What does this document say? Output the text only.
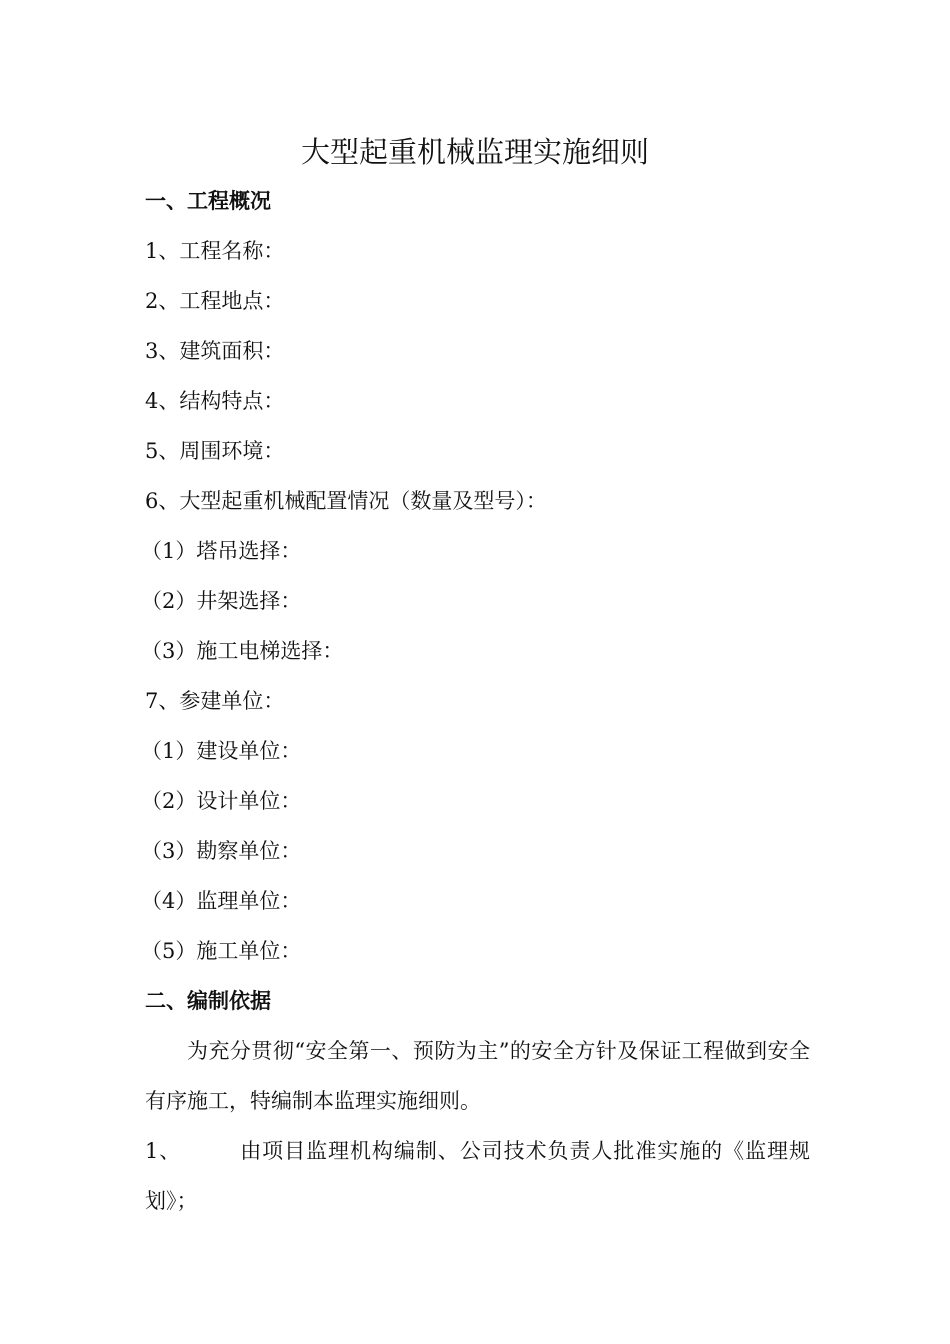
大型起重机械监理实施细则
一、工程概况
1、工程名称：
2、工程地点：
3、建筑面积：
4、结构特点：
5、周围环境：
6、大型起重机械配置情况（数量及型号）：
（1）塔吊选择：
（2）井架选择：
（3）施工电梯选择：
7、参建单位：
（1）建设单位：
（2）设计单位：
（3）勘察单位：
（4）监理单位：
（5）施工单位：
二、编制依据

为充分贯彻“安全第一、预防为主”的安全方针及保证工程做到安全有序施工，特编制本监理实施细则。

1、	由项目监理机构编制、公司技术负责人批准实施的《监理规划》；
